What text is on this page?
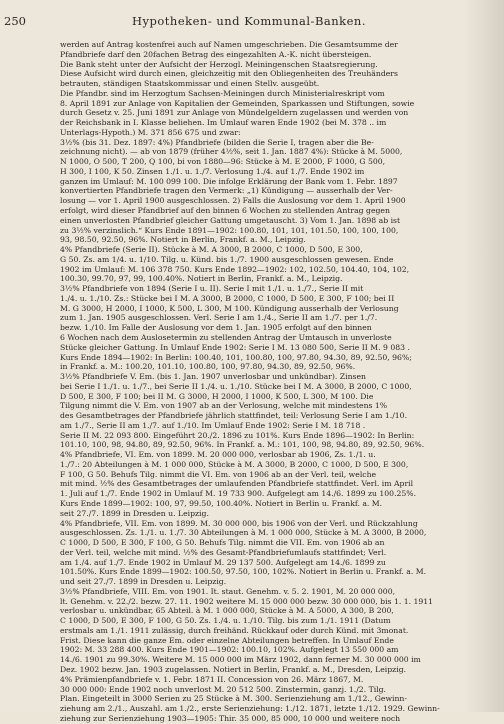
250	Hypotheken- und Kommunal-Banken.
werden auf Antrag kostenfrei auch auf Namen umgeschrieben. Die Gesamtsumme der
Pfandbriefe darf den 20fachen Betrag des eingezahlten A.-K. nicht übersteigen.
Die Bank steht unter der Aufsicht der Herzogl. Meiningenschen Staatsregierung.
Diese Aufsicht wird durch einen, gleichzeitig mit den Obliegenheiten des Treuhänders
betrauten, ständigen Staatskommissar und einen Stellv. ausgeübt.
Die Pfandbr. sind im Herzogtum Sachsen-Meiningen durch Ministerialreskript vom
8. April 1891 zur Anlage von Kapitalien der Gemeinden, Sparkassen und Stiftungen, sowie
durch Gesetz v. 25. Juni 1891 zur Anlage von Mündelgeldern zugelassen und werden von
der Reichsbank in I. Klasse beliehen. Im Umlauf waren Ende 1902 (bei M. 378 .. im
Unterlags-Hypoth.) M. 371 856 675 und zwar:
3½% (bis 31. Dez. 1897: 4%) Pfandbriefe (bilden die Serie I, tragen aber die Be-
zeichnung nicht). — ab von 1879 (früher 4½%, seit 1. Jan. 1887 4%): Stücke à M. 5000,
N 1000, O 500, T 200, Q 100, bi von 1880—96: Stücke à M. E 2000, F 1000, G 500,
H 300, I 100, K 50. Zinsen 1./1. u. 1./7. Verlosung 1./4. auf 1./7. Ende 1902 im
ganzen im Umlauf: M. 100 099 100. Die infolge Erklärung der Bank vom 1. Febr. 1897
konvertierten Pfandbriefe tragen den Vermerk: „1) Kündigung — ausserhalb der Ver-
losung — vor 1. April 1900 ausgeschlossen. 2) Falls die Auslosung vor dem 1. April 1900
erfolgt, wird dieser Pfandbrief auf den binnen 6 Wochen zu stellenden Antrag gegen
einen unverlosten Pfandbrief gleicher Gattung umgetauscht. 3) Vom 1. Jan. 1898 ab ist
zu 3½% verzinslich.“ Kurs Ende 1891—1902: 100.80, 101, 101, 101.50, 100, 100, 100,
93, 98.50, 92.50, 96%. Notiert in Berlin, Frankf. a. M., Leipzig.
4% Pfandbriefe (Serie II). Stücke à M. A 3000, B 2000, C 1000, D 500, E 300,
G 50. Zs. am 1/4. u. 1/10. Tilg. u. Künd. bis 1./7. 1900 ausgeschlossen gewesen. Ende
1902 im Umlauf: M. 106 378 750. Kurs Ende 1892—1902: 102, 102.50, 104.40, 104, 102,
100.30, 99.70, 97, 99, 100.40%. Notiert in Berlin, Frankf. a. M., Leipzig.
3½% Pfandbriefe von 1894 (Serie I u. II). Serie I mit 1./1. u. 1./7., Serie II mit
1./4. u. 1./10. Zs.: Stücke bei I M. A 3000, B 2000, C 1000, D 500, E 300, F 100; bei II
M. G 3000, H 2000, I 1000, K 500, L 300, M 100. Kündigung ausserhalb der Verlosung
zum 1. Jan. 1905 ausgeschlossen. Verl. Serie I am 1./4., Serie II am 1./7. per 1./7.
bezw. 1./10. Im Falle der Auslosung vor dem 1. Jan. 1905 erfolgt auf den binnen
6 Wochen nach dem Auslosetermin zu stellenden Antrag der Umtausch in unverloste
Stücke gleicher Gattung. In Umlauf Ende 1902: Serie I M. 13 080 500, Serie II M. 9 083 .
Kurs Ende 1894—1902: In Berlin: 100.40, 101, 100.80, 100, 97.80, 94.30, 89, 92.50, 96%;
in Frankf. a. M.: 100.20, 101.10, 100.80, 100, 97.80, 94.30, 89, 92.50, 96%.
3½% Pfandbriefe V. Em. (bis 1. Jan. 1907 unverlosbar und unkündbar). Zinsen
bei Serie I 1./1. u. 1./7., bei Serie II 1./4. u. 1./10. Stücke bei I M. A 3000, B 2000, C 1000,
D 500, E 300, F 100; bei II M. G 3000, H 2000, I 1000, K 500, L 300, M 100. Die
Tilgung nimmt die V. Em. von 1907 ab an der Verlosung, welche mit mindestens 1%
des Gesamtbetrages der Pfandbriefe jährlich stattfindet, teil: Verlosung Serie I am 1./10.
am 1./7., Serie II am 1./7. auf 1./10. Im Umlauf Ende 1902: Serie I M. 18 718 .
Serie II M. 22 093 800. Eingeführt 20./2. 1896 zu 101%. Kurs Ende 1896—1902: In Berlin:
101.10, 100, 98, 94.80, 89, 92.50, 96%. In Frankf. a. M.: 101, 100, 98, 94.80, 89, 92.50, 96%.
4% Pfandbriefe, VI. Em. von 1899. M. 20 000 000, verlosbar ab 1906, Zs. 1./1. u.
1./7.: 20 Abteilungen à M. 1 000 000, Stücke à M. A 3000, B 2000, C 1000, D 500, E 300,
F 100, G 50. Behufs Tilg. nimmt die VI. Em. von 1906 ab an der Verl. teil, welche
mit mind. ½% des Gesamtbetrages der umlaufenden Pfandbriefe stattfindet. Verl. im April
1. Juli auf 1./7. Ende 1902 in Umlauf M. 19 733 900. Aufgelegt am 14./6. 1899 zu 100.25%.
Kurs Ende 1899—1902: 100, 97, 99.50, 100.40%. Notiert in Berlin u. Frankf. a. M.
seit 27./7. 1899 in Dresden u. Leipzig.
4% Pfandbriefe, VII. Em. von 1899. M. 30 000 000, bis 1906 von der Verl. und Rückzahlung
ausgeschlossen. Zs. 1./1. u. 1./7. 30 Abteilungen à M. 1 000 000, Stücke à M. A 3000, B 2000,
C 1000, D 500, E 300, F 100, G 50. Behufs Tilg. nimmt die VII. Em. von 1906 ab an
der Verl. teil, welche mit mind. ½% des Gesamt-Pfandbriefumlaufs stattfindet; Verl.
am 1./4. auf 1./7. Ende 1902 in Umlauf M. 29 137 500. Aufgelegt am 14./6. 1899 zu
101.50%. Kurs Ende 1899—1902: 100.50, 97.50, 100, 102%. Notiert in Berlin u. Frankf. a. M.
und seit 27./7. 1899 in Dresden u. Leipzig.
3½% Pfandbriefe, VIII. Em. von 1901. It. staut. Genehm. v. 5. 2. 1901, M. 20 000 000,
lt. Genehm. v. 22./2. bezw. 27. 11. 1902 weitere M. 15 000 000 bezw. 30 000 000, bis 1. 1. 1911
verlosbar u. unkündbar, 65 Abteil. à M. 1 000 000, Stücke à M. A 5000, A 300, B 200,
C 1000, D 500, E 300, F 100, G 50. Zs. 1./4. u. 1./10. Tilg. bis zum 1./1. 1911 (Datum
erstmals am 1./1. 1911 zulässig, durch freihänd. Rückkauf oder durch Künd. mit 3monat.
Frist. Diese kann die ganze Em. oder einzelne Abteilungen betreffen. In Umlauf Ende
1902: M. 33 288 400. Kurs Ende 1901—1902: 100.10, 102%. Aufgelegt 13 550 000 am
14./6. 1901 zu 99.30%. Weitere M. 15 000 000 im März 1902, dann ferner M. 30 000 000 im
Dez. 1902 bezw. Jan. 1903 zugelassen. Notiert in Berlin, Frankf. a. M., Dresden, Leipzig.
4% Prämienpfandbriefe v. 1. Febr. 1871 II. Concession von 26. März 1867, M.
30 000 000: Ende 1902 noch unverlost M. 20 512 500. Zinstermin, ganzj. 1./2. Tilg.
Plan. Eingeteilt in 3000 Serien zu 25 Stücke à M. 300. Serienziehung am 1./12., Gewinn-
ziehung am 2./1., Auszahl. am 1./2., erste Serienziehung: 1./12. 1871, letzte 1./12. 1929. Gewinn-
ziehung zur Serienziehung 1903—1905: Thir. 35 000, 85 000, 10 000 und weitere noch
